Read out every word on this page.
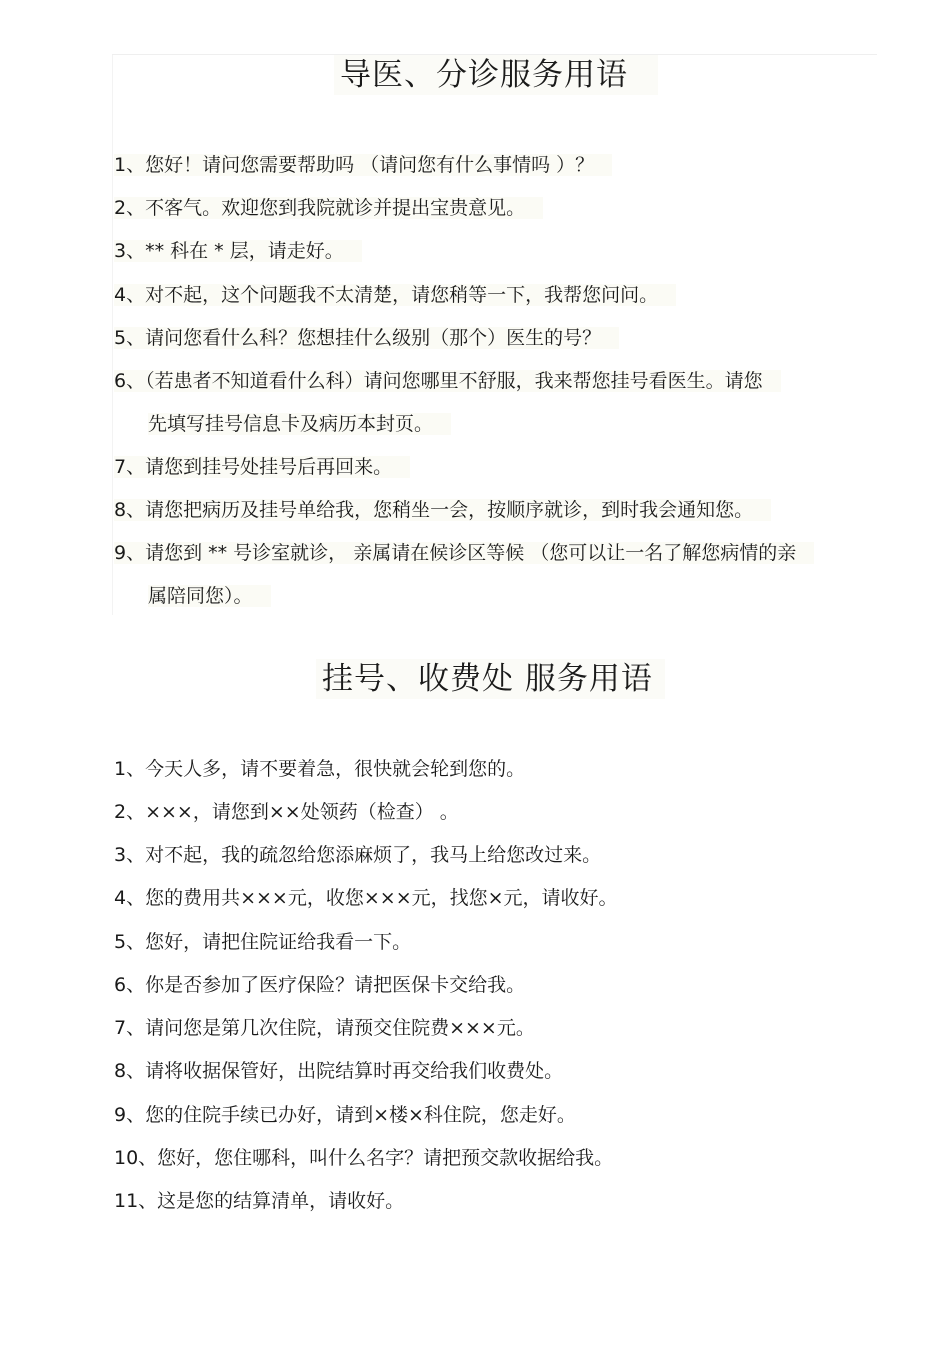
导医、分诊服务用语
1、您好！请问您需要帮助吗 （请问您有什么事情吗 ）？
2、不客气。欢迎您到我院就诊并提出宝贵意见。
3、** 科在 * 层，请走好。
4、对不起，这个问题我不太清楚，请您稍等一下，我帮您问问。
5、请问您看什么科？您想挂什么级别（那个）医生的号？
6、（若患者不知道看什么科）请问您哪里不舒服，我来帮您挂号看医生。请您
先填写挂号信息卡及病历本封页。
7、请您到挂号处挂号后再回来。
8、请您把病历及挂号单给我，您稍坐一会，按顺序就诊，到时我会通知您。
9、请您到 ** 号诊室就诊， 亲属请在候诊区等候 （您可以让一名了解您病情的亲
属陪同您）。
挂号、收费处 服务用语
1、今天人多，请不要着急，很快就会轮到您的。
2、×××，请您到××处领药（检查） 。
3、对不起，我的疏忽给您添麻烦了，我马上给您改过来。
4、您的费用共×××元，收您×××元，找您×元，请收好。
5、您好，请把住院证给我看一下。
6、你是否参加了医疗保险？请把医保卡交给我。
7、请问您是第几次住院，请预交住院费×××元。
8、请将收据保管好，出院结算时再交给我们收费处。
9、您的住院手续已办好，请到×楼×科住院，您走好。
10、您好，您住哪科，叫什么名字？请把预交款收据给我。
11、这是您的结算清单，请收好。
